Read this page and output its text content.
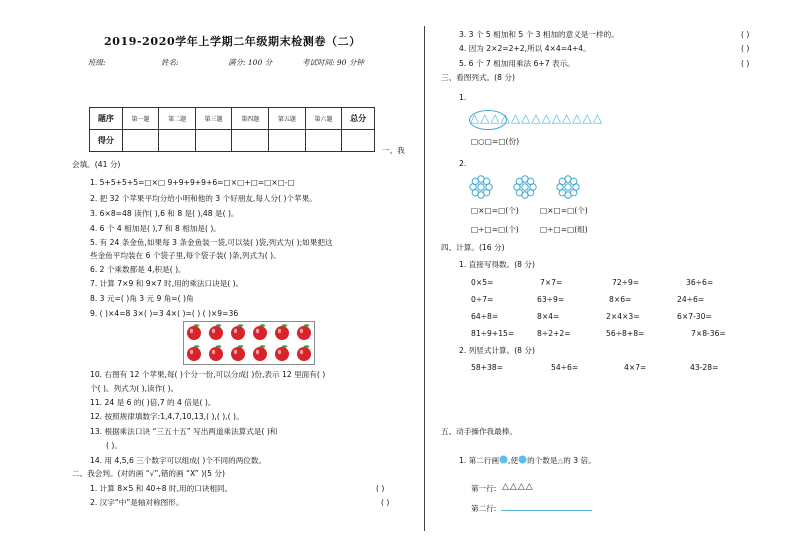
2019-2020学年上学期二年级期末检测卷（二）
班级:	姓名:	满分: 100 分	考试时间: 90 分钟
题序	第一题	第二题	第三题	第四题	第五题	第六题	总分
得分							
一、我
会填。(41 分)
1. 5+5+5+5=□×□ 9+9+9+9+6=□×□+□=□×□-□
2. 把 32 个苹果平均分给小明和他的 3 个好朋友,每人分( )个苹果。
3. 6×8=48 读作( ),6 和 8 是( ),48 是( )。
4. 6 个 4 相加是( ),7 和 8 相加是( )。
5. 有 24 条金鱼,如果每 3 条金鱼装一袋,可以装( )袋,列式为( );如果把这
些金鱼平均装在 6 个袋子里,每个袋子装( )条,列式为( )。
6. 2 个乘数都是 4,积是( )。
7. 计算 7×9 和 9×7 时,用的乘法口诀是( )。
8. 3 元=( )角 3 元 9 角=( )角
9. ( )×4=8 3×( )=3 4×( )=( ) ( )×9=36
10. 右图有 12 个苹果,每( )个分一份,可以分成( )份,表示 12 里面有( )
个( )。列式为( ),读作( )。
11. 24 是 6 的( )倍,7 的 4 倍是( )。
12. 按照规律填数字:1,4,7,10,13,( ),( ),( )。
13. 根据乘法口诀 “三五十五” 写出两道乘法算式是( )和
( )。
14. 用 4,5,6 三个数字可以组成( )个不同的两位数。
二、我会判。(对的画 “√”,错的画 “X” )(5 分)
1. 计算 8×5 和 40÷8 时,用的口诀相同。	( )
2. 汉字“中”是轴对称图形。	( )
3. 3 个 5 相加和 5 个 3 相加的意义是一样的。	( )
4. 因为 2×2=2+2,所以 4×4=4+4。	( )
5. 6 个 7 相加用乘法 6+7 表示。	( )
三、看图列式。(8 分)
1.
△△△△△△△△△△△△△
□○□=□(份)
2.
□×□=□(个)	□×□=□(个)
□÷□=□(个)	□÷□=□(组)
四、计算。(16 分)
1. 直接写得数。(8 分)
0×5=	7×7=	72÷9=	36÷6=
0÷7=	63÷9=	8×6=	24÷6=
64÷8=	8×4=	2×4×3=	6×7-30=
81÷9+15=	8÷2+2=	56÷8+8=	7×8-36=
2. 列竖式计算。(8 分)
58+38=	54÷6=	4×7=	43-28=
五、动手操作我最棒。
1. 第二行画 ,使 的个数是△的 3 倍。
第一行: △△△△
第二行:
